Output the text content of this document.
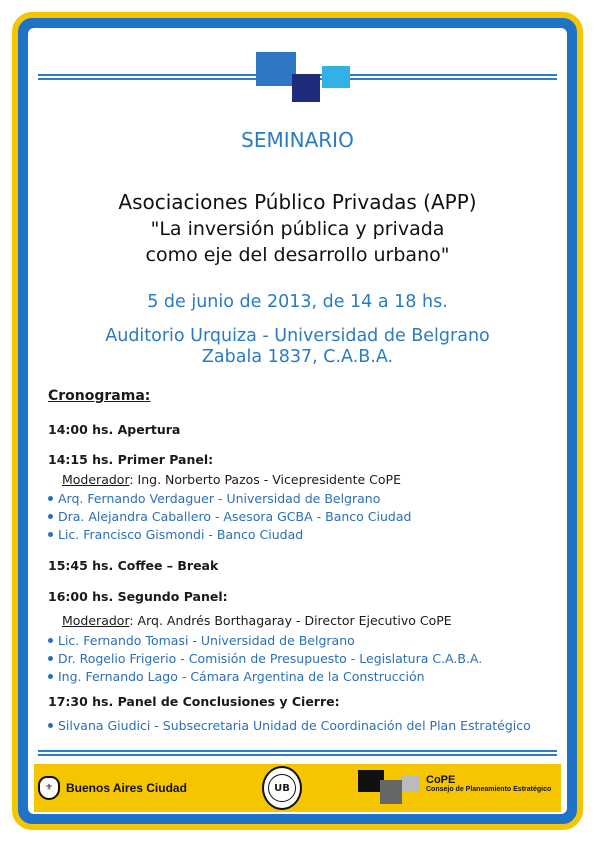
SEMINARIO
Asociaciones Público Privadas (APP)
"La inversión pública y privada
como eje del desarrollo urbano"
5 de junio de 2013, de 14 a 18 hs.
Auditorio Urquiza - Universidad de Belgrano
Zabala 1837, C.A.B.A.
Cronograma:
14:00 hs. Apertura
14:15 hs. Primer Panel:
Moderador: Ing. Norberto Pazos - Vicepresidente CoPE
Arq. Fernando Verdaguer - Universidad de Belgrano
Dra. Alejandra Caballero - Asesora GCBA - Banco Ciudad
Lic. Francisco Gismondi - Banco Ciudad
15:45 hs. Coffee – Break
16:00 hs. Segundo Panel:
Moderador: Arq. Andrés Borthagaray - Director Ejecutivo CoPE
Lic. Fernando Tomasi - Universidad de Belgrano
Dr. Rogelio Frigerio - Comisión de Presupuesto - Legislatura C.A.B.A.
Ing. Fernando Lago - Cámara Argentina de la Construcción
17:30 hs. Panel de Conclusiones y Cierre:
Silvana Giudici - Subsecretaria Unidad de Coordinación del Plan Estratégico
⚜	Buenos Aires Ciudad	UB
CoPE
Consejo de Planeamiento Estratégico
